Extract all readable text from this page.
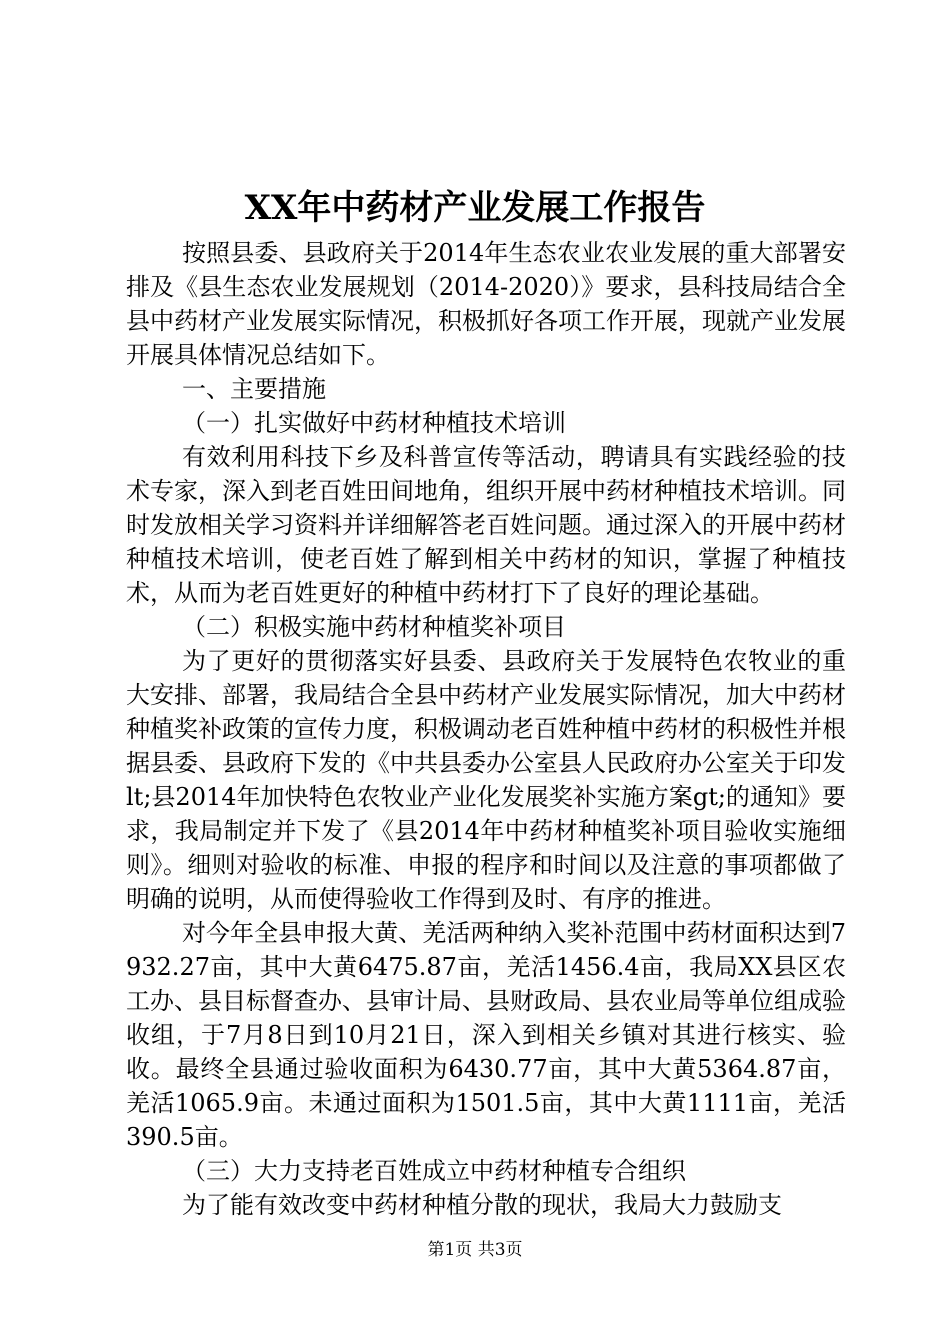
XX年中药材产业发展工作报告

按照县委、县政府关于2014年生态农业农业发展的重大部署安排及《县生态农业发展规划（2014-2020）》要求，县科技局结合全县中药材产业发展实际情况，积极抓好各项工作开展，现就产业发展开展具体情况总结如下。

一、主要措施

（一）扎实做好中药材种植技术培训

有效利用科技下乡及科普宣传等活动，聘请具有实践经验的技术专家，深入到老百姓田间地角，组织开展中药材种植技术培训。同时发放相关学习资料并详细解答老百姓问题。通过深入的开展中药材种植技术培训，使老百姓了解到相关中药材的知识，掌握了种植技术，从而为老百姓更好的种植中药材打下了良好的理论基础。

（二）积极实施中药材种植奖补项目

为了更好的贯彻落实好县委、县政府关于发展特色农牧业的重大安排、部署，我局结合全县中药材产业发展实际情况，加大中药材种植奖补政策的宣传力度，积极调动老百姓种植中药材的积极性并根据县委、县政府下发的《中共县委办公室县人民政府办公室关于印发lt;县2014年加快特色农牧业产业化发展奖补实施方案gt;的通知》要求，我局制定并下发了《县2014年中药材种植奖补项目验收实施细则》。细则对验收的标准、申报的程序和时间以及注意的事项都做了明确的说明，从而使得验收工作得到及时、有序的推进。

对今年全县申报大黄、羌活两种纳入奖补范围中药材面积达到7932.27亩，其中大黄6475.87亩，羌活1456.4亩，我局XX县区农工办、县目标督查办、县审计局、县财政局、县农业局等单位组成验收组，于7月8日到10月21日，深入到相关乡镇对其进行核实、验收。最终全县通过验收面积为6430.77亩，其中大黄5364.87亩，羌活1065.9亩。未通过面积为1501.5亩，其中大黄1111亩，羌活390.5亩。

（三）大力支持老百姓成立中药材种植专合组织

为了能有效改变中药材种植分散的现状，我局大力鼓励支

第1页 共3页
